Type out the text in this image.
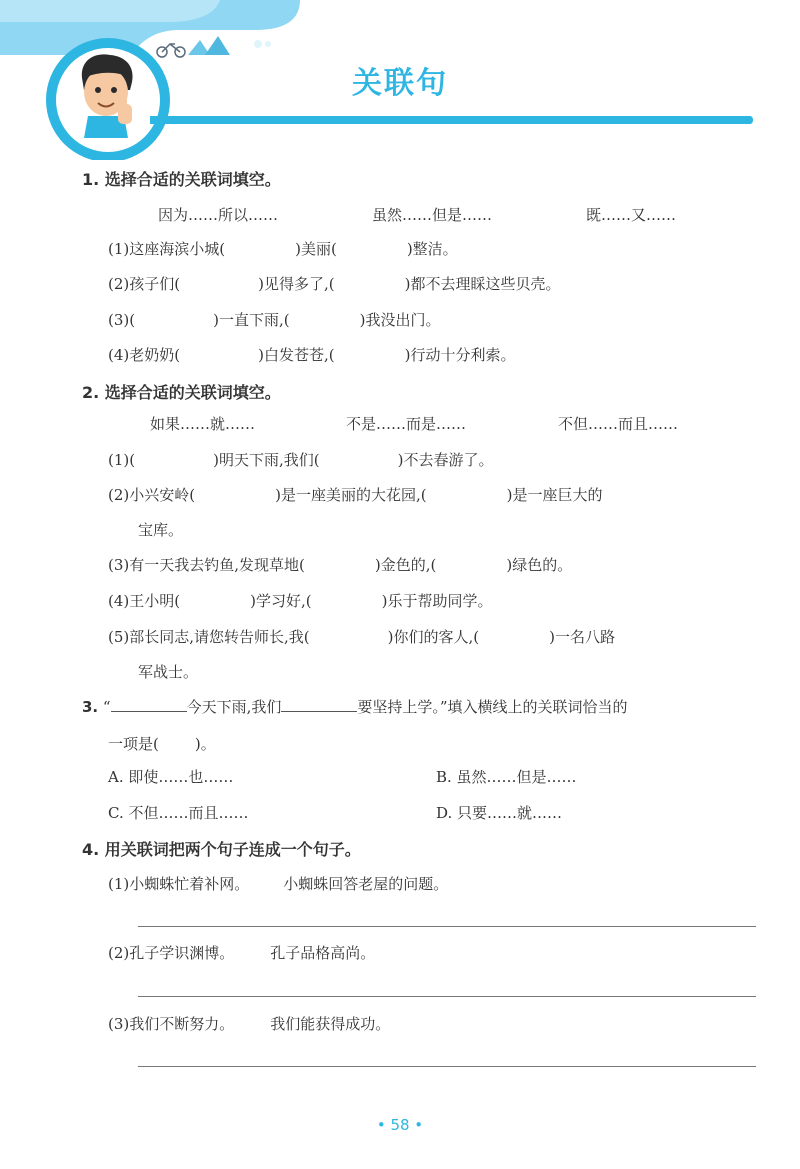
关联句
1. 选择合适的关联词填空。
因为……所以……	虽然……但是……	既……又……
(1)这座海滨小城(	)美丽(	)整洁。
(2)孩子们(	)见得多了,(	)都不去理睬这些贝壳。
(3)(	)一直下雨,(	)我没出门。
(4)老奶奶(	)白发苍苍,(	)行动十分利索。
2. 选择合适的关联词填空。
如果……就……	不是……而是……	不但……而且……
(1)(	)明天下雨,我们(	)不去春游了。
(2)小兴安岭(	)是一座美丽的大花园,(	)是一座巨大的
宝库。
(3)有一天我去钓鱼,发现草地(	)金色的,(	)绿色的。
(4)王小明(	)学习好,(	)乐于帮助同学。
(5)部长同志,请您转告师长,我(	)你们的客人,(	)一名八路
军战士。
3. “	今天下雨,我们	要坚持上学。”填入横线上的关联词恰当的
一项是( )。
A. 即使……也……	B. 虽然……但是……
C. 不但……而且……	D. 只要……就……
4. 用关联词把两个句子连成一个句子。
(1)小蜘蛛忙着补网。 小蜘蛛回答老屋的问题。
(2)孔子学识渊博。 孔子品格高尚。
(3)我们不断努力。 我们能获得成功。
• 58 •
